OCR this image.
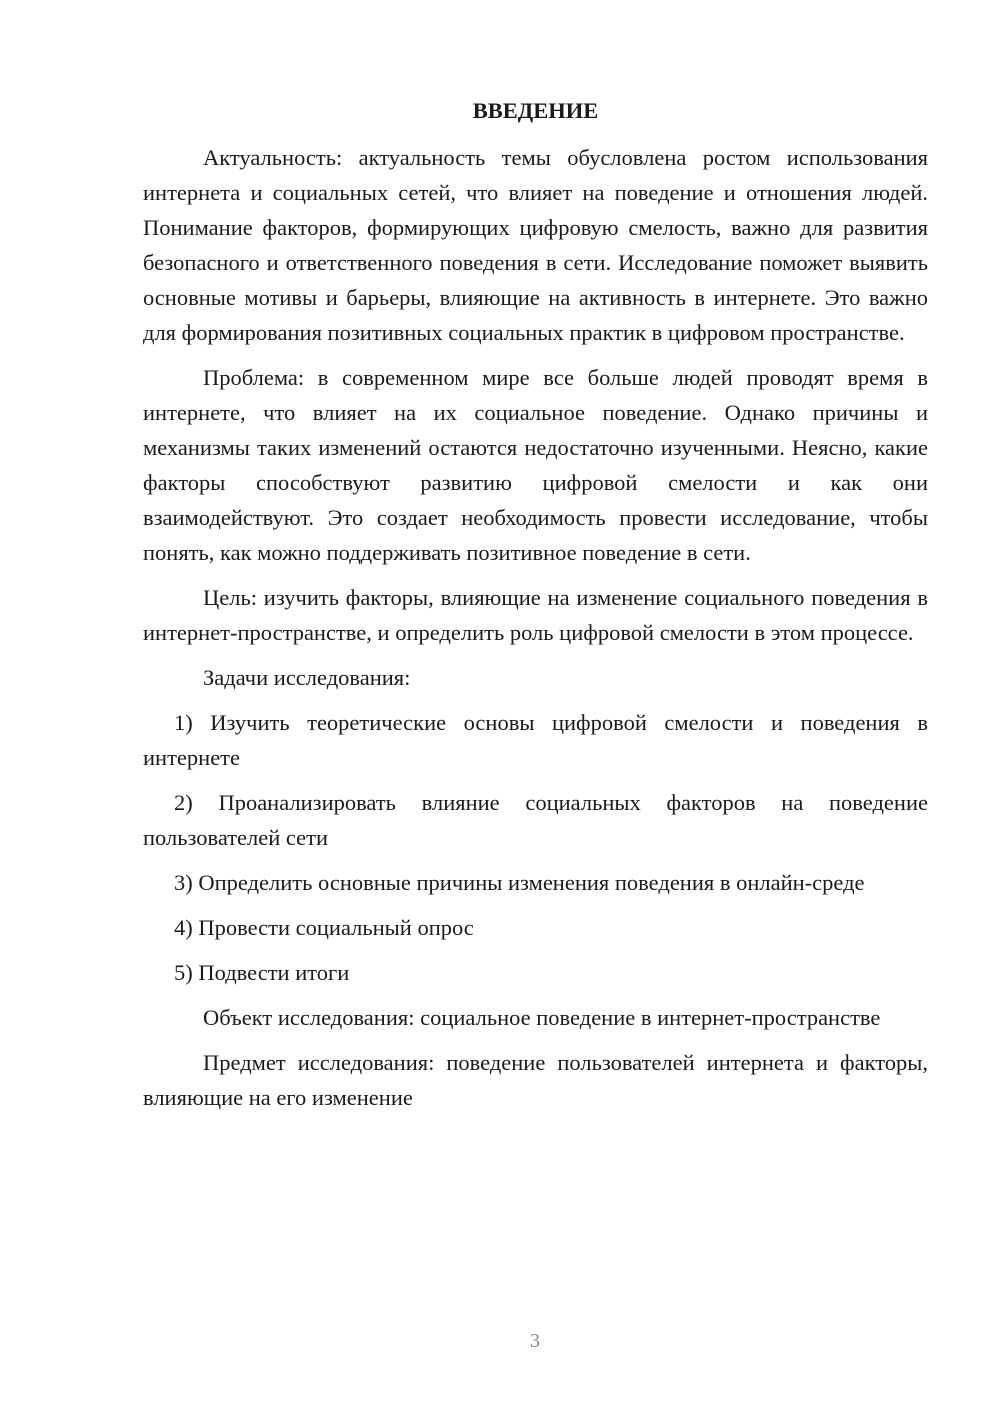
ВВЕДЕНИЕ

Актуальность: актуальность темы обусловлена ростом использования интернета и социальных сетей, что влияет на поведение и отношения людей. Понимание факторов, формирующих цифровую смелость, важно для развития безопасного и ответственного поведения в сети. Исследование поможет выявить основные мотивы и барьеры, влияющие на активность в интернете. Это важно для формирования позитивных социальных практик в цифровом пространстве.

Проблема: в современном мире все больше людей проводят время в интернете, что влияет на их социальное поведение. Однако причины и механизмы таких изменений остаются недостаточно изученными. Неясно, какие факторы способствуют развитию цифровой смелости и как они взаимодействуют. Это создает необходимость провести исследование, чтобы понять, как можно поддерживать позитивное поведение в сети.

Цель: изучить факторы, влияющие на изменение социального поведения в интернет-пространстве, и определить роль цифровой смелости в этом процессе.

Задачи исследования:

1) Изучить теоретические основы цифровой смелости и поведения в интернете

2) Проанализировать влияние социальных факторов на поведение пользователей сети

3) Определить основные причины изменения поведения в онлайн-среде

4) Провести социальный опрос

5) Подвести итоги

Объект исследования: социальное поведение в интернет-пространстве

Предмет исследования: поведение пользователей интернета и факторы, влияющие на его изменение

3
